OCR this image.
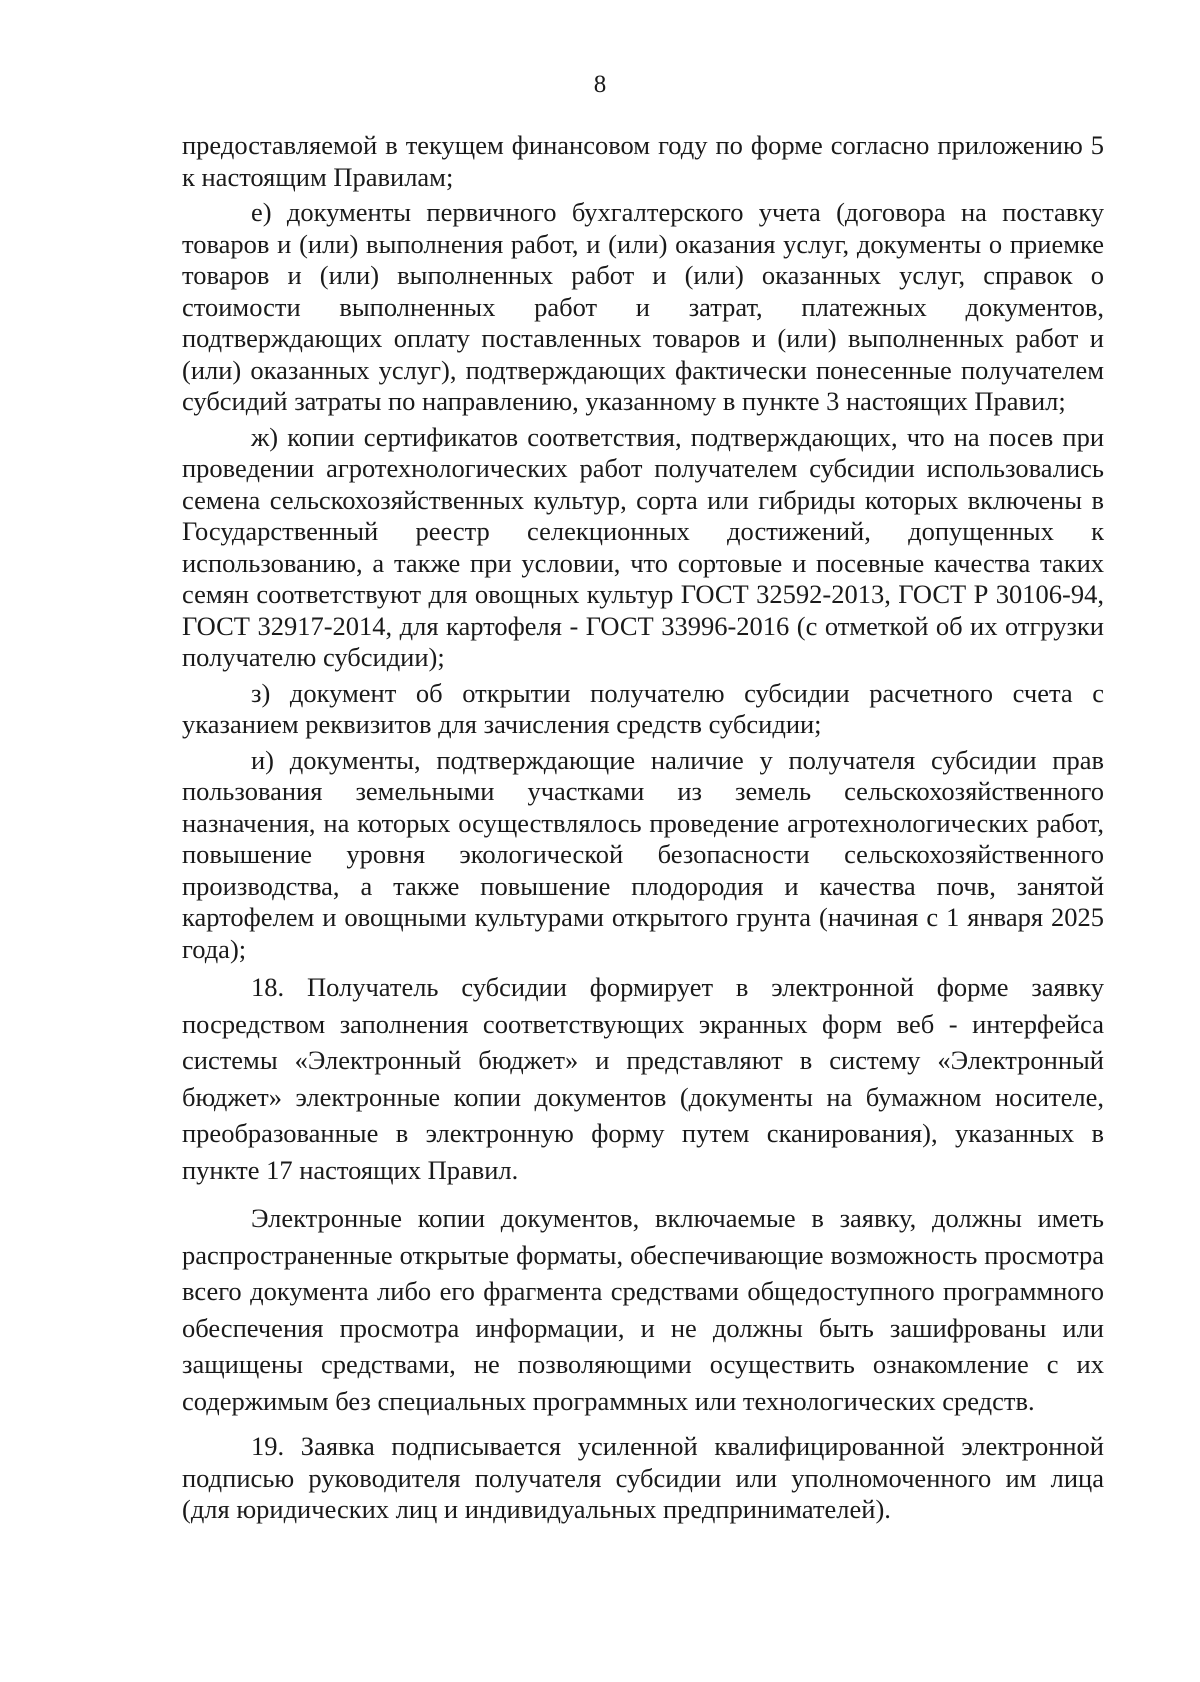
8

предоставляемой в текущем финансовом году по форме согласно приложению 5 к настоящим Правилам;

е) документы первичного бухгалтерского учета (договора на поставку товаров и (или) выполнения работ, и (или) оказания услуг, документы о приемке товаров и (или) выполненных работ и (или) оказанных услуг, справок о стоимости выполненных работ и затрат, платежных документов, подтверждающих оплату поставленных товаров и (или) выполненных работ и (или) оказанных услуг), подтверждающих фактически понесенные получателем субсидий затраты по направлению, указанному в пункте 3 настоящих Правил;

ж) копии сертификатов соответствия, подтверждающих, что на посев при проведении агротехнологических работ получателем субсидии использовались семена сельскохозяйственных культур, сорта или гибриды которых включены в Государственный реестр селекционных достижений, допущенных к использованию, а также при условии, что сортовые и посевные качества таких семян соответствуют для овощных культур ГОСТ 32592-2013, ГОСТ Р 30106-94, ГОСТ 32917-2014, для картофеля - ГОСТ 33996-2016 (с отметкой об их отгрузки получателю субсидии);

з) документ об открытии получателю субсидии расчетного счета с указанием реквизитов для зачисления средств субсидии;

и) документы, подтверждающие наличие у получателя субсидии прав пользования земельными участками из земель сельскохозяйственного назначения, на которых осуществлялось проведение агротехнологических работ, повышение уровня экологической безопасности сельскохозяйственного производства, а также повышение плодородия и качества почв, занятой картофелем и овощными культурами открытого грунта (начиная с 1 января 2025 года);

18. Получатель субсидии формирует в электронной форме заявку посредством заполнения соответствующих экранных форм веб - интерфейса системы «Электронный бюджет» и представляют в систему «Электронный бюджет» электронные копии документов (документы на бумажном носителе, преобразованные в электронную форму путем сканирования), указанных в пункте 17 настоящих Правил.

Электронные копии документов, включаемые в заявку, должны иметь распространенные открытые форматы, обеспечивающие возможность просмотра всего документа либо его фрагмента средствами общедоступного программного обеспечения просмотра информации, и не должны быть зашифрованы или защищены средствами, не позволяющими осуществить ознакомление с их содержимым без специальных программных или технологических средств.

19. Заявка подписывается усиленной квалифицированной электронной подписью руководителя получателя субсидии или уполномоченного им лица (для юридических лиц и индивидуальных предпринимателей).
